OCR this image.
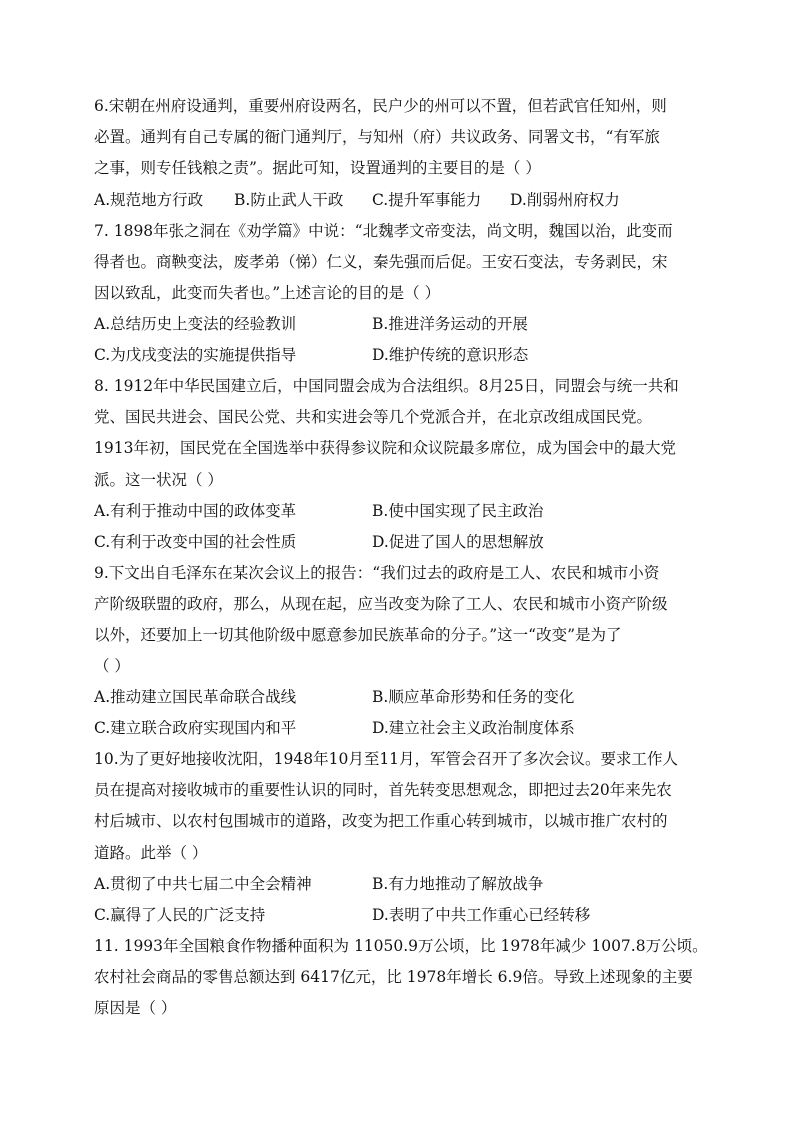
6.宋朝在州府设通判，重要州府设两名，民户少的州可以不置，但若武官任知州，则
必置。通判有自己专属的衙门通判厅，与知州（府）共议政务、同署文书，“有军旅
之事，则专任钱粮之责”。据此可知，设置通判的主要目的是（ ）
A.规范地方行政 B.防止武人干政 C.提升军事能力 D.削弱州府权力
7. 1898年张之洞在《劝学篇》中说：“北魏孝文帝变法，尚文明，魏国以治，此变而
得者也。商鞅变法，废孝弟（悌）仁义，秦先强而后促。王安石变法，专务剥民，宋
因以致乱，此变而失者也。”上述言论的目的是（ ）
A.总结历史上变法的经验教训	B.推进洋务运动的开展
C.为戊戌变法的实施提供指导	D.维护传统的意识形态
8. 1912年中华民国建立后，中国同盟会成为合法组织。8月25日，同盟会与统一共和
党、国民共进会、国民公党、共和实进会等几个党派合并，在北京改组成国民党。
1913年初，国民党在全国选举中获得参议院和众议院最多席位，成为国会中的最大党
派。这一状况（ ）
A.有利于推动中国的政体变革	B.使中国实现了民主政治
C.有利于改变中国的社会性质	D.促进了国人的思想解放
9.下文出自毛泽东在某次会议上的报告：“我们过去的政府是工人、农民和城市小资
产阶级联盟的政府，那么，从现在起，应当改变为除了工人、农民和城市小资产阶级
以外，还要加上一切其他阶级中愿意参加民族革命的分子。”这一“改变”是为了
（ ）
A.推动建立国民革命联合战线	B.顺应革命形势和任务的变化
C.建立联合政府实现国内和平	D.建立社会主义政治制度体系
10.为了更好地接收沈阳，1948年10月至11月，军管会召开了多次会议。要求工作人
员在提高对接收城市的重要性认识的同时，首先转变思想观念，即把过去20年来先农
村后城市、以农村包围城市的道路，改变为把工作重心转到城市，以城市推广农村的
道路。此举（ ）
A.贯彻了中共七届二中全会精神	B.有力地推动了解放战争
C.赢得了人民的广泛支持	D.表明了中共工作重心已经转移
11. 1993年全国粮食作物播种面积为 11050.9万公顷，比 1978年减少 1007.8万公顷。
农村社会商品的零售总额达到 6417亿元，比 1978年增长 6.9倍。导致上述现象的主要
原因是（ ）
